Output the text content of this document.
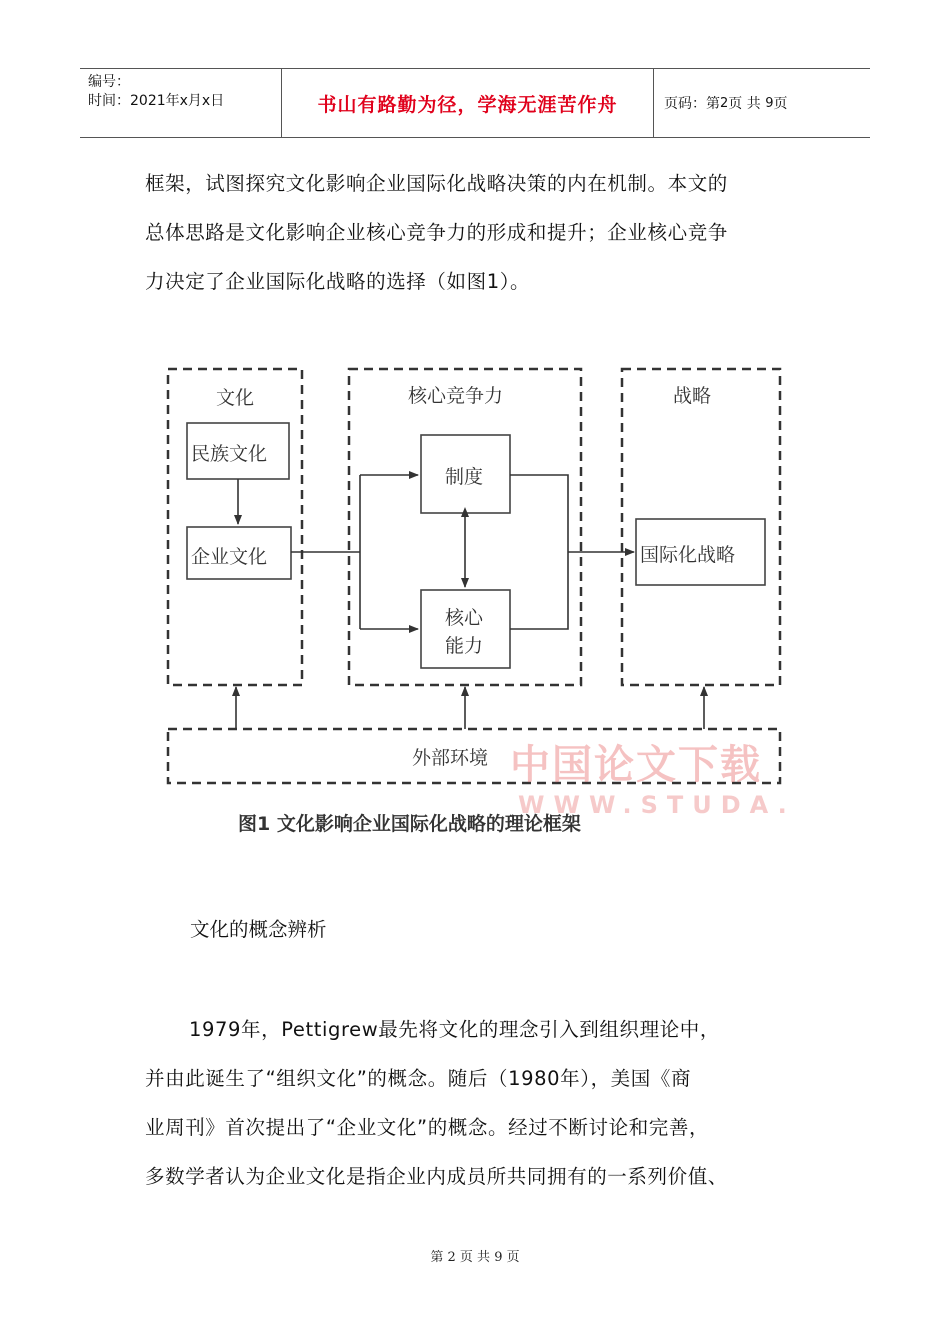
编号：
时间：2021年x月x日	书山有路勤为径，学海无涯苦作舟	页码：第 2 页 共
9 页
框架，试图探究文化影响企业国际化战略决策的内在机制。本文的
总体思路是文化影响企业核心竞争力的形成和提升；企业核心竞争
力决定了企业国际化战略的选择（如图1）。
文化	核心竞争力	战略
民族文化
企业文化
制度
核心
能力
国际化战略
外部环境 中国论文下载
WWW.STUDA.
图1 文化影响企业国际化战略的理论框架
文化的概念辨析
1979年，Pettigrew最先将文化的理念引入到组织理论中，
并由此诞生了“组织文化”的概念。随后（1980年），美国《商
业周刊》首次提出了“企业文化”的概念。经过不断讨论和完善，
多数学者认为企业文化是指企业内成员所共同拥有的一系列价值、
第 2 页 共 9 页
